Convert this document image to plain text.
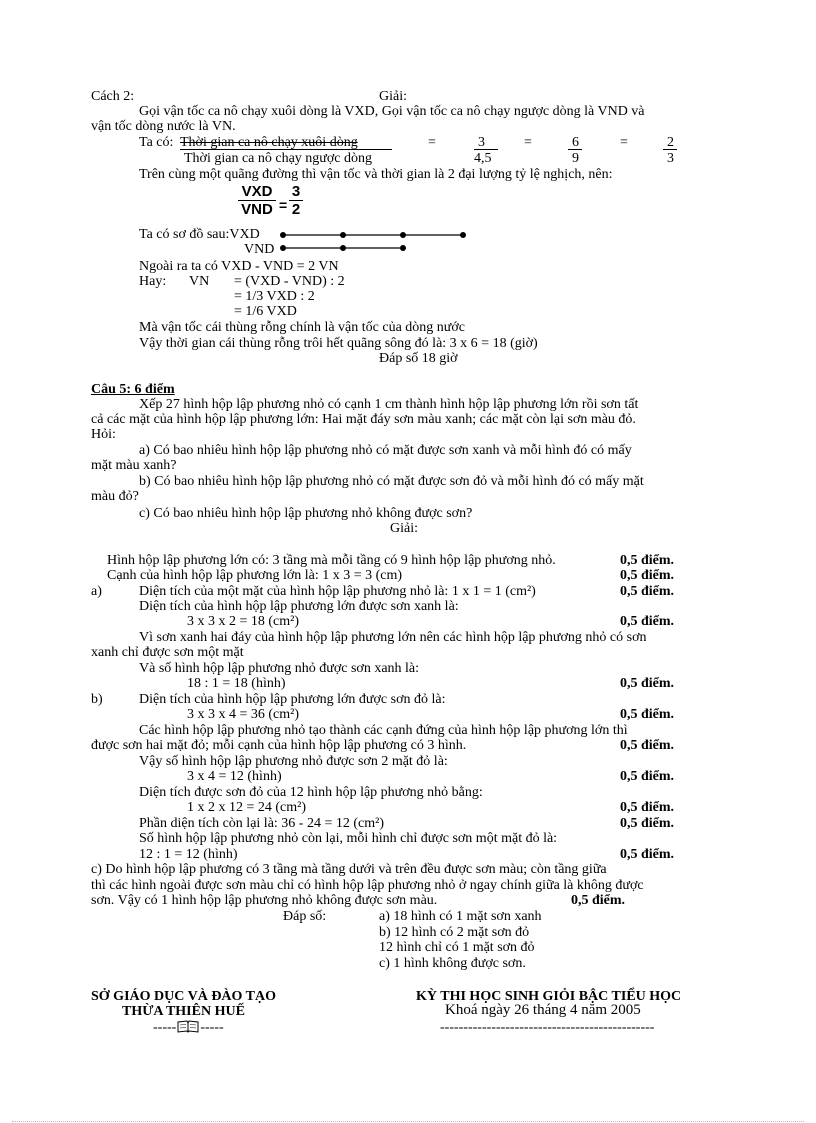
Cách 2:	Giải:
Gọi vận tốc ca nô chạy xuôi dòng là VXD, Gọi vận tốc ca nô chạy ngược dòng là VND và
vận tốc dòng nước là VN.
Ta có: Thời gian ca nô chạy xuôi dòng	=	3	=	6	=	2
Thời gian ca nô chạy ngược dòng	4,5	9	3
Trên cùng một quãng đường thì vận tốc và thời gian là 2 đại lượng tỷ lệ nghịch, nên:
VXD
VND =
3
2
Ta có sơ đồ sau:VXD
VND
Ngoài ra ta có VXD - VND = 2 VN
Hay: VN = (VXD - VND) : 2
= 1/3 VXD : 2
= 1/6 VXD
Mà vận tốc cái thùng rỗng chính là vận tốc của dòng nước
Vậy thời gian cái thùng rỗng trôi hết quãng sông đó là: 3 x 6 = 18 (giờ)
Đáp số 18 giờ
Câu 5: 6 điểm
Xếp 27 hình hộp lập phương nhỏ có cạnh 1 cm thành hình hộp lập phương lớn rồi sơn tất
cả các mặt của hình hộp lập phương lớn: Hai mặt đáy sơn màu xanh; các mặt còn lại sơn màu đỏ.
Hỏi:
a) Có bao nhiêu hình hộp lập phương nhỏ có mặt được sơn xanh và mỗi hình đó có mấy
mặt màu xanh?
b) Có bao nhiêu hình hộp lập phương nhỏ có mặt được sơn đỏ và mỗi hình đó có mấy mặt
màu đỏ?
c) Có bao nhiêu hình hộp lập phương nhỏ không được sơn?
Giải:
Hình hộp lập phương lớn có: 3 tầng mà mỗi tầng có 9 hình hộp lập phương nhỏ.	0,5 điểm.
Cạnh của hình hộp lập phương lớn là: 1 x 3 = 3 (cm)	0,5 điểm.
a)	Diện tích của một mặt của hình hộp lập phương nhỏ là: 1 x 1 = 1 (cm²)	0,5 điểm.
Diện tích của hình hộp lập phương lớn được sơn xanh là:
3 x 3 x 2 = 18 (cm²)	0,5 điểm.
Vì sơn xanh hai đáy của hình hộp lập phương lớn nên các hình hộp lập phương nhỏ có sơn
xanh chỉ được sơn một mặt
Và số hình hộp lập phương nhỏ được sơn xanh là:
18 : 1 = 18 (hình)	0,5 điểm.
b)	Diện tích của hình hộp lập phương lớn được sơn đỏ là:
3 x 3 x 4 = 36 (cm²)	0,5 điểm.
Các hình hộp lập phương nhỏ tạo thành các cạnh đứng của hình hộp lập phương lớn thì
được sơn hai mặt đỏ; mỗi cạnh của hình hộp lập phương có 3 hình.	0,5 điểm.
Vậy số hình hộp lập phương nhỏ được sơn 2 mặt đỏ là:
3 x 4 = 12 (hình)	0,5 điểm.
Diện tích được sơn đỏ của 12 hình hộp lập phương nhỏ bằng:
1 x 2 x 12 = 24 (cm²)	0,5 điểm.
Phần diện tích còn lại là: 36 - 24 = 12 (cm²)	0,5 điểm.
Số hình hộp lập phương nhỏ còn lại, mỗi hình chỉ được sơn một mặt đỏ là:
12 : 1 = 12 (hình)	0,5 điểm.
c) Do hình hộp lập phương có 3 tầng mà tầng dưới và trên đều được sơn màu; còn tầng giữa
thì các hình ngoài được sơn màu chỉ có hình hộp lập phương nhỏ ở ngay chính giữa là không được
sơn. Vậy có 1 hình hộp lập phương nhỏ không được sơn màu.	0,5 điểm.
Đáp số:	a) 18 hình có 1 mặt sơn xanh
b) 12 hình có 2 mặt sơn đỏ
12 hình chỉ có 1 mặt sơn đỏ
c) 1 hình không được sơn.
SỞ GIÁO DỤC VÀ ĐÀO TẠO
THỪA THIÊN HUẾ
----- -----
KỲ THI HỌC SINH GIỎI BẬC TIỂU HỌC
Khoá ngày 26 tháng 4 năm 2005
----------------------------------------------
